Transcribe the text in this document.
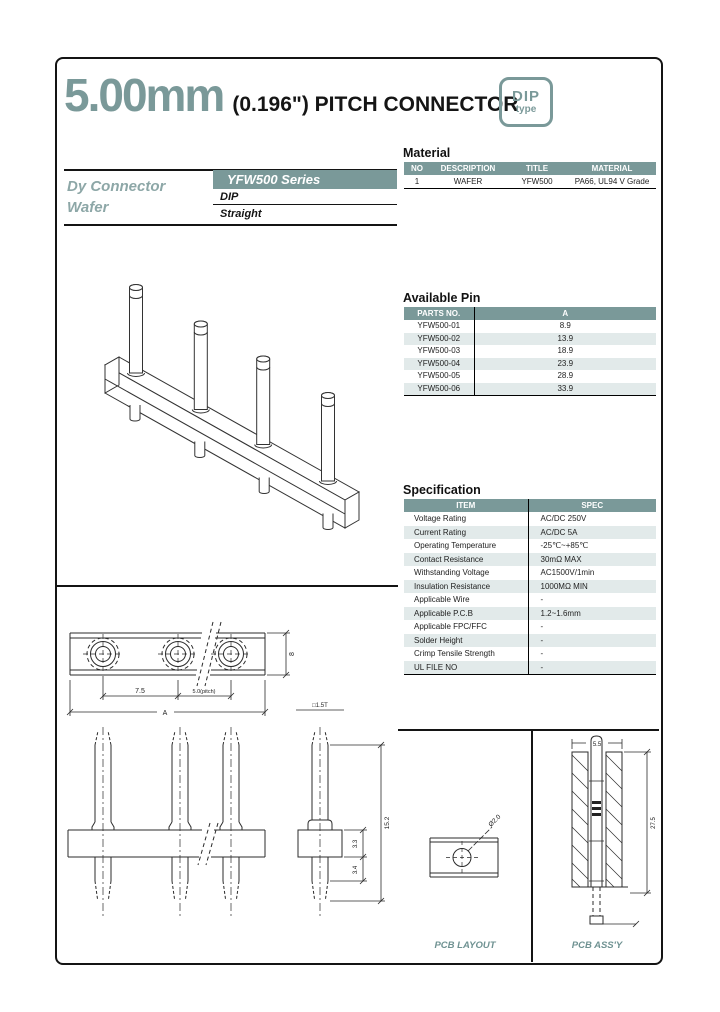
5.00mm (0.196") PITCH CONNECTOR
DIP
type
Dy Connector
Wafer
YFW500 Series
DIP
Straight
Material
NO	DESCRIPTION	TITLE	MATERIAL
1	WAFER	YFW500	PA66, UL94 V Grade
Available Pin
PARTS NO.	A
YFW500-01	8.9
YFW500-02	13.9
YFW500-03	18.9
YFW500-04	23.9
YFW500-05	28.9
YFW500-06	33.9
Specification
ITEM	SPEC
Voltage Rating	AC/DC 250V
Current Rating	AC/DC 5A
Operating Temperature	-25℃~+85℃
Contact Resistance	30mΩ MAX
Withstanding Voltage	AC1500V/1min
Insulation Resistance	1000MΩ MIN
Applicable Wire	-
Applicable P.C.B	1.2~1.6mm
Applicable FPC/FFC	-
Solder Height	-
Crimp Tensile Strength	-
UL FILE NO	-
8
7.5	5.0(pitch)
A
□1.5T
3.3
3.4
15.2	Ø2.0
PCB LAYOUT
5.5
27.5
PCB ASS'Y
